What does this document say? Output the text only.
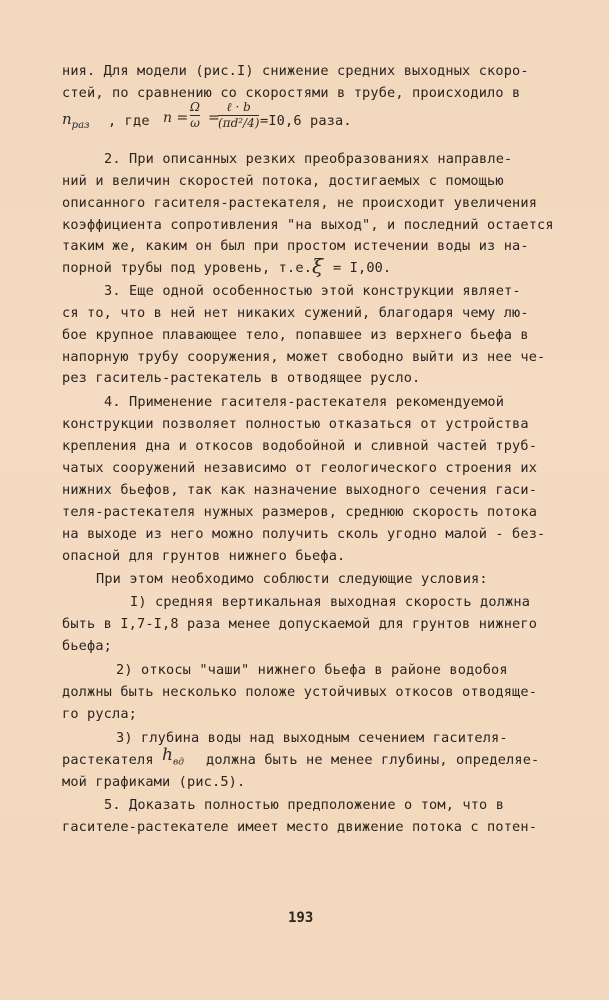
ния. Для модели (рис.I) снижение средних выходных скоро-
стей, по сравнению со скоростями в трубе, происходило в
$n_{раз}$ , где n =
Ω
ω =
ℓ · b
(πd²/4) =I0,6 раза.
2. При описанных резких преобразованиях направле-
ний и величин скоростей потока, достигаемых с помощью
описанного гасителя-растекателя, не происходит увеличения
коэффициента сопротивления "на выход", и последний остается
таким же, каким он был при простом истечении воды из на-
порной трубы под уровень, т.е. ξ = I,00.
3. Еще одной особенностью этой конструкции являет-
ся то, что в ней нет никаких сужений, благодаря чему лю-
бое крупное плавающее тело, попавшее из верхнего бьефа в
напорную трубу сооружения, может свободно выйти из нее че-
рез гаситель-растекатель в отводящее русло.
4. Применение гасителя-растекателя рекомендуемой
конструкции позволяет полностью отказаться от устройства
крепления дна и откосов водобойной и сливной частей труб-
чатых сооружений независимо от геологического строения их
нижних бьефов, так как назначение выходного сечения гаси-
теля-растекателя нужных размеров, среднюю скорость потока
на выходе из него можно получить сколь угодно малой - без-
опасной для грунтов нижнего бьефа.
При этом необходимо соблюсти следующие условия:
I) средняя вертикальная выходная скорость должна
быть в I,7-I,8 раза менее допускаемой для грунтов нижнего
бьефа;
2) откосы "чаши" нижнего бьефа в районе водобоя
должны быть несколько положе устойчивых откосов отводяще-
го русла;
3) глубина воды над выходным сечением гасителя-
растекателя $h_{вд}$ должна быть не менее глубины, определяе-
мой графиками (рис.5).
5. Доказать полностью предположение о том, что в
гасителе-растекателе имеет место движение потока с потен-
193
